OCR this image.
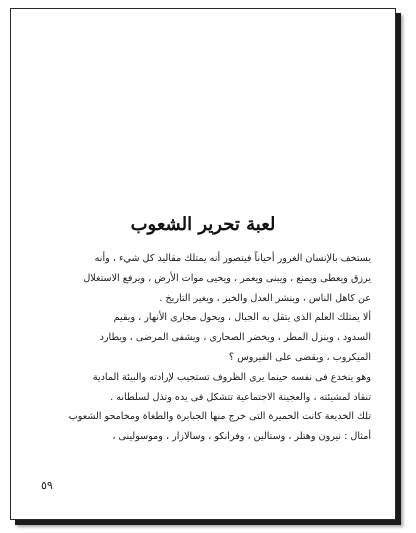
لعبة تحرير الشعوب

يستخف بالإنسان الغرور أحياناً فيتصور أنه يمتلك مقاليد كل شيء ، وأنه

يرزق ويعطى ويمنع ، ويبنى ويعمر ، ويحيى موات الأرض ، ويرفع الاستغلال

عن كاهل الناس ، وينشر العدل والخير ، ويغير التاريخ .

ألا يمتلك العلم الذى يتقل به الجبال ، ويحول مجارى الأنهار ، ويقيم

السدود ، وينزل المطر ، ويخضر الصحارى ، ويشفى المرضى ، ويطارد

الميكروب ، ويقضى على الفيروس ؟

وهو ينخدع فى نفسه حينما يرى الظروف تستجيب لإرادته والبيئة المادية

تنقاد لمشيئته ، والعجينة الاجتماعية تتشكل فى يده وتذل لسلطانه .

تلك الخديعة كانت الحميرة التى خرج منها الجبابرة والطغاة ومخامحو الشعوب

أمثال : نيرون وهتلر ، وستالين ، وفرانكو ، وسالازار ، وموسولينى ،

٥٩
